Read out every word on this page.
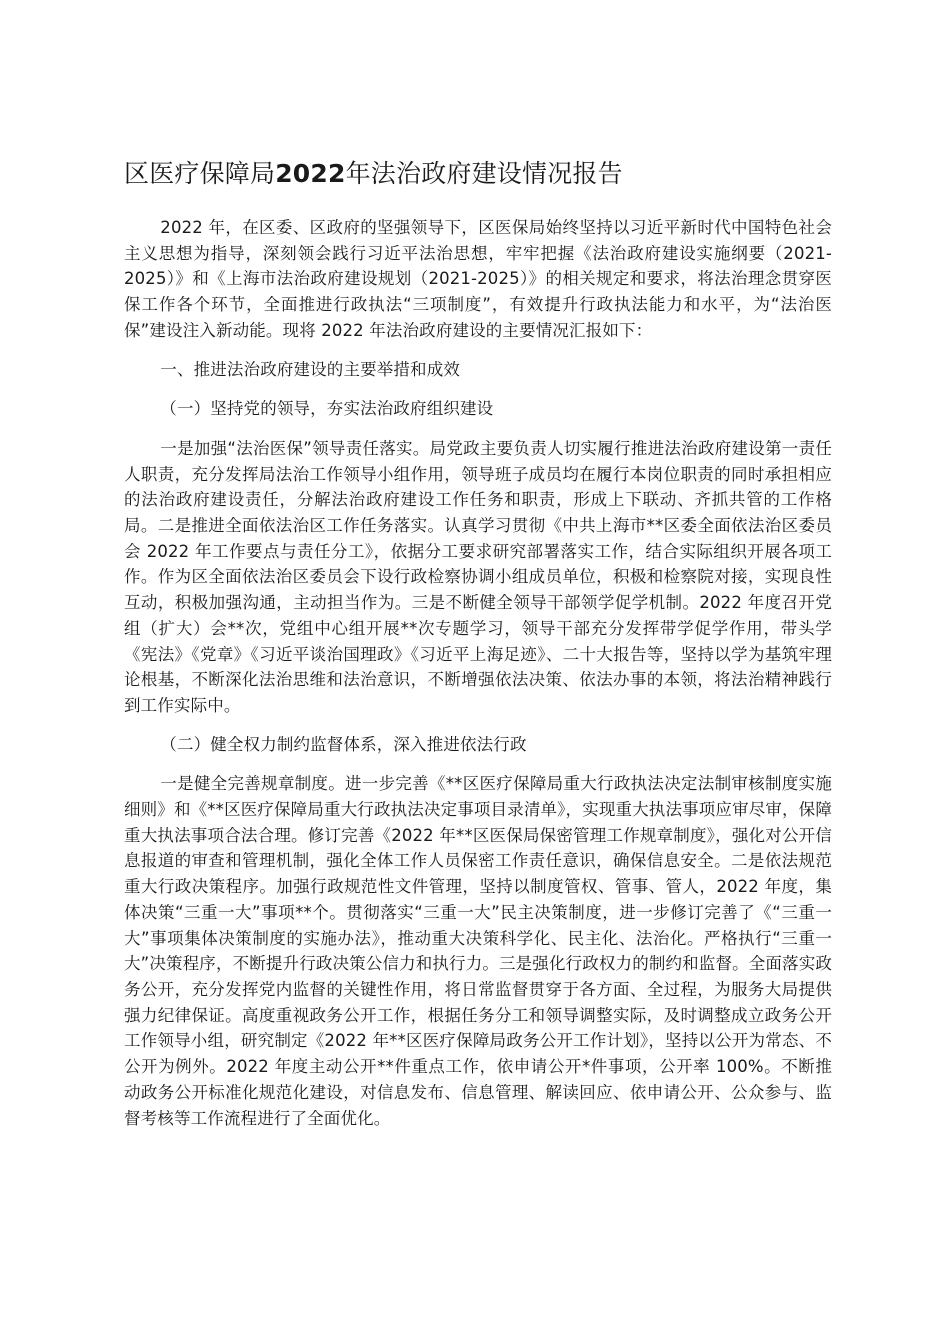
区医疗保障局2022年法治政府建设情况报告

2022 年，在区委、区政府的坚强领导下，区医保局始终坚持以习近平新时代中国特色社会主义思想为指导，深刻领会践行习近平法治思想，牢牢把握《法治政府建设实施纲要（2021-2025）》和《上海市法治政府建设规划（2021-2025）》的相关规定和要求，将法治理念贯穿医保工作各个环节，全面推进行政执法“三项制度”，有效提升行政执法能力和水平，为“法治医保”建设注入新动能。现将 2022 年法治政府建设的主要情况汇报如下：

一、推进法治政府建设的主要举措和成效

（一）坚持党的领导，夯实法治政府组织建设

一是加强“法治医保”领导责任落实。局党政主要负责人切实履行推进法治政府建设第一责任人职责，充分发挥局法治工作领导小组作用，领导班子成员均在履行本岗位职责的同时承担相应的法治政府建设责任，分解法治政府建设工作任务和职责，形成上下联动、齐抓共管的工作格局。二是推进全面依法治区工作任务落实。认真学习贯彻《中共上海市**区委全面依法治区委员会 2022 年工作要点与责任分工》，依据分工要求研究部署落实工作，结合实际组织开展各项工作。作为区全面依法治区委员会下设行政检察协调小组成员单位，积极和检察院对接，实现良性互动，积极加强沟通，主动担当作为。三是不断健全领导干部领学促学机制。2022 年度召开党组（扩大）会**次，党组中心组开展**次专题学习，领导干部充分发挥带学促学作用，带头学《宪法》《党章》《习近平谈治国理政》《习近平上海足迹》、二十大报告等，坚持以学为基筑牢理论根基，不断深化法治思维和法治意识，不断增强依法决策、依法办事的本领，将法治精神践行到工作实际中。

（二）健全权力制约监督体系，深入推进依法行政

一是健全完善规章制度。进一步完善《**区医疗保障局重大行政执法决定法制审核制度实施细则》和《**区医疗保障局重大行政执法决定事项目录清单》，实现重大执法事项应审尽审，保障重大执法事项合法合理。修订完善《2022 年**区医保局保密管理工作规章制度》，强化对公开信息报道的审查和管理机制，强化全体工作人员保密工作责任意识，确保信息安全。二是依法规范重大行政决策程序。加强行政规范性文件管理，坚持以制度管权、管事、管人，2022 年度，集体决策“三重一大”事项**个。贯彻落实“三重一大”民主决策制度，进一步修订完善了《“三重一大”事项集体决策制度的实施办法》，推动重大决策科学化、民主化、法治化。严格执行“三重一大”决策程序，不断提升行政决策公信力和执行力。三是强化行政权力的制约和监督。全面落实政务公开，充分发挥党内监督的关键性作用，将日常监督贯穿于各方面、全过程，为服务大局提供强力纪律保证。高度重视政务公开工作，根据任务分工和领导调整实际，及时调整成立政务公开工作领导小组，研究制定《2022 年**区医疗保障局政务公开工作计划》，坚持以公开为常态、不公开为例外。2022 年度主动公开**件重点工作，依申请公开*件事项，公开率 100%。不断推动政务公开标准化规范化建设，对信息发布、信息管理、解读回应、依申请公开、公众参与、监督考核等工作流程进行了全面优化。
